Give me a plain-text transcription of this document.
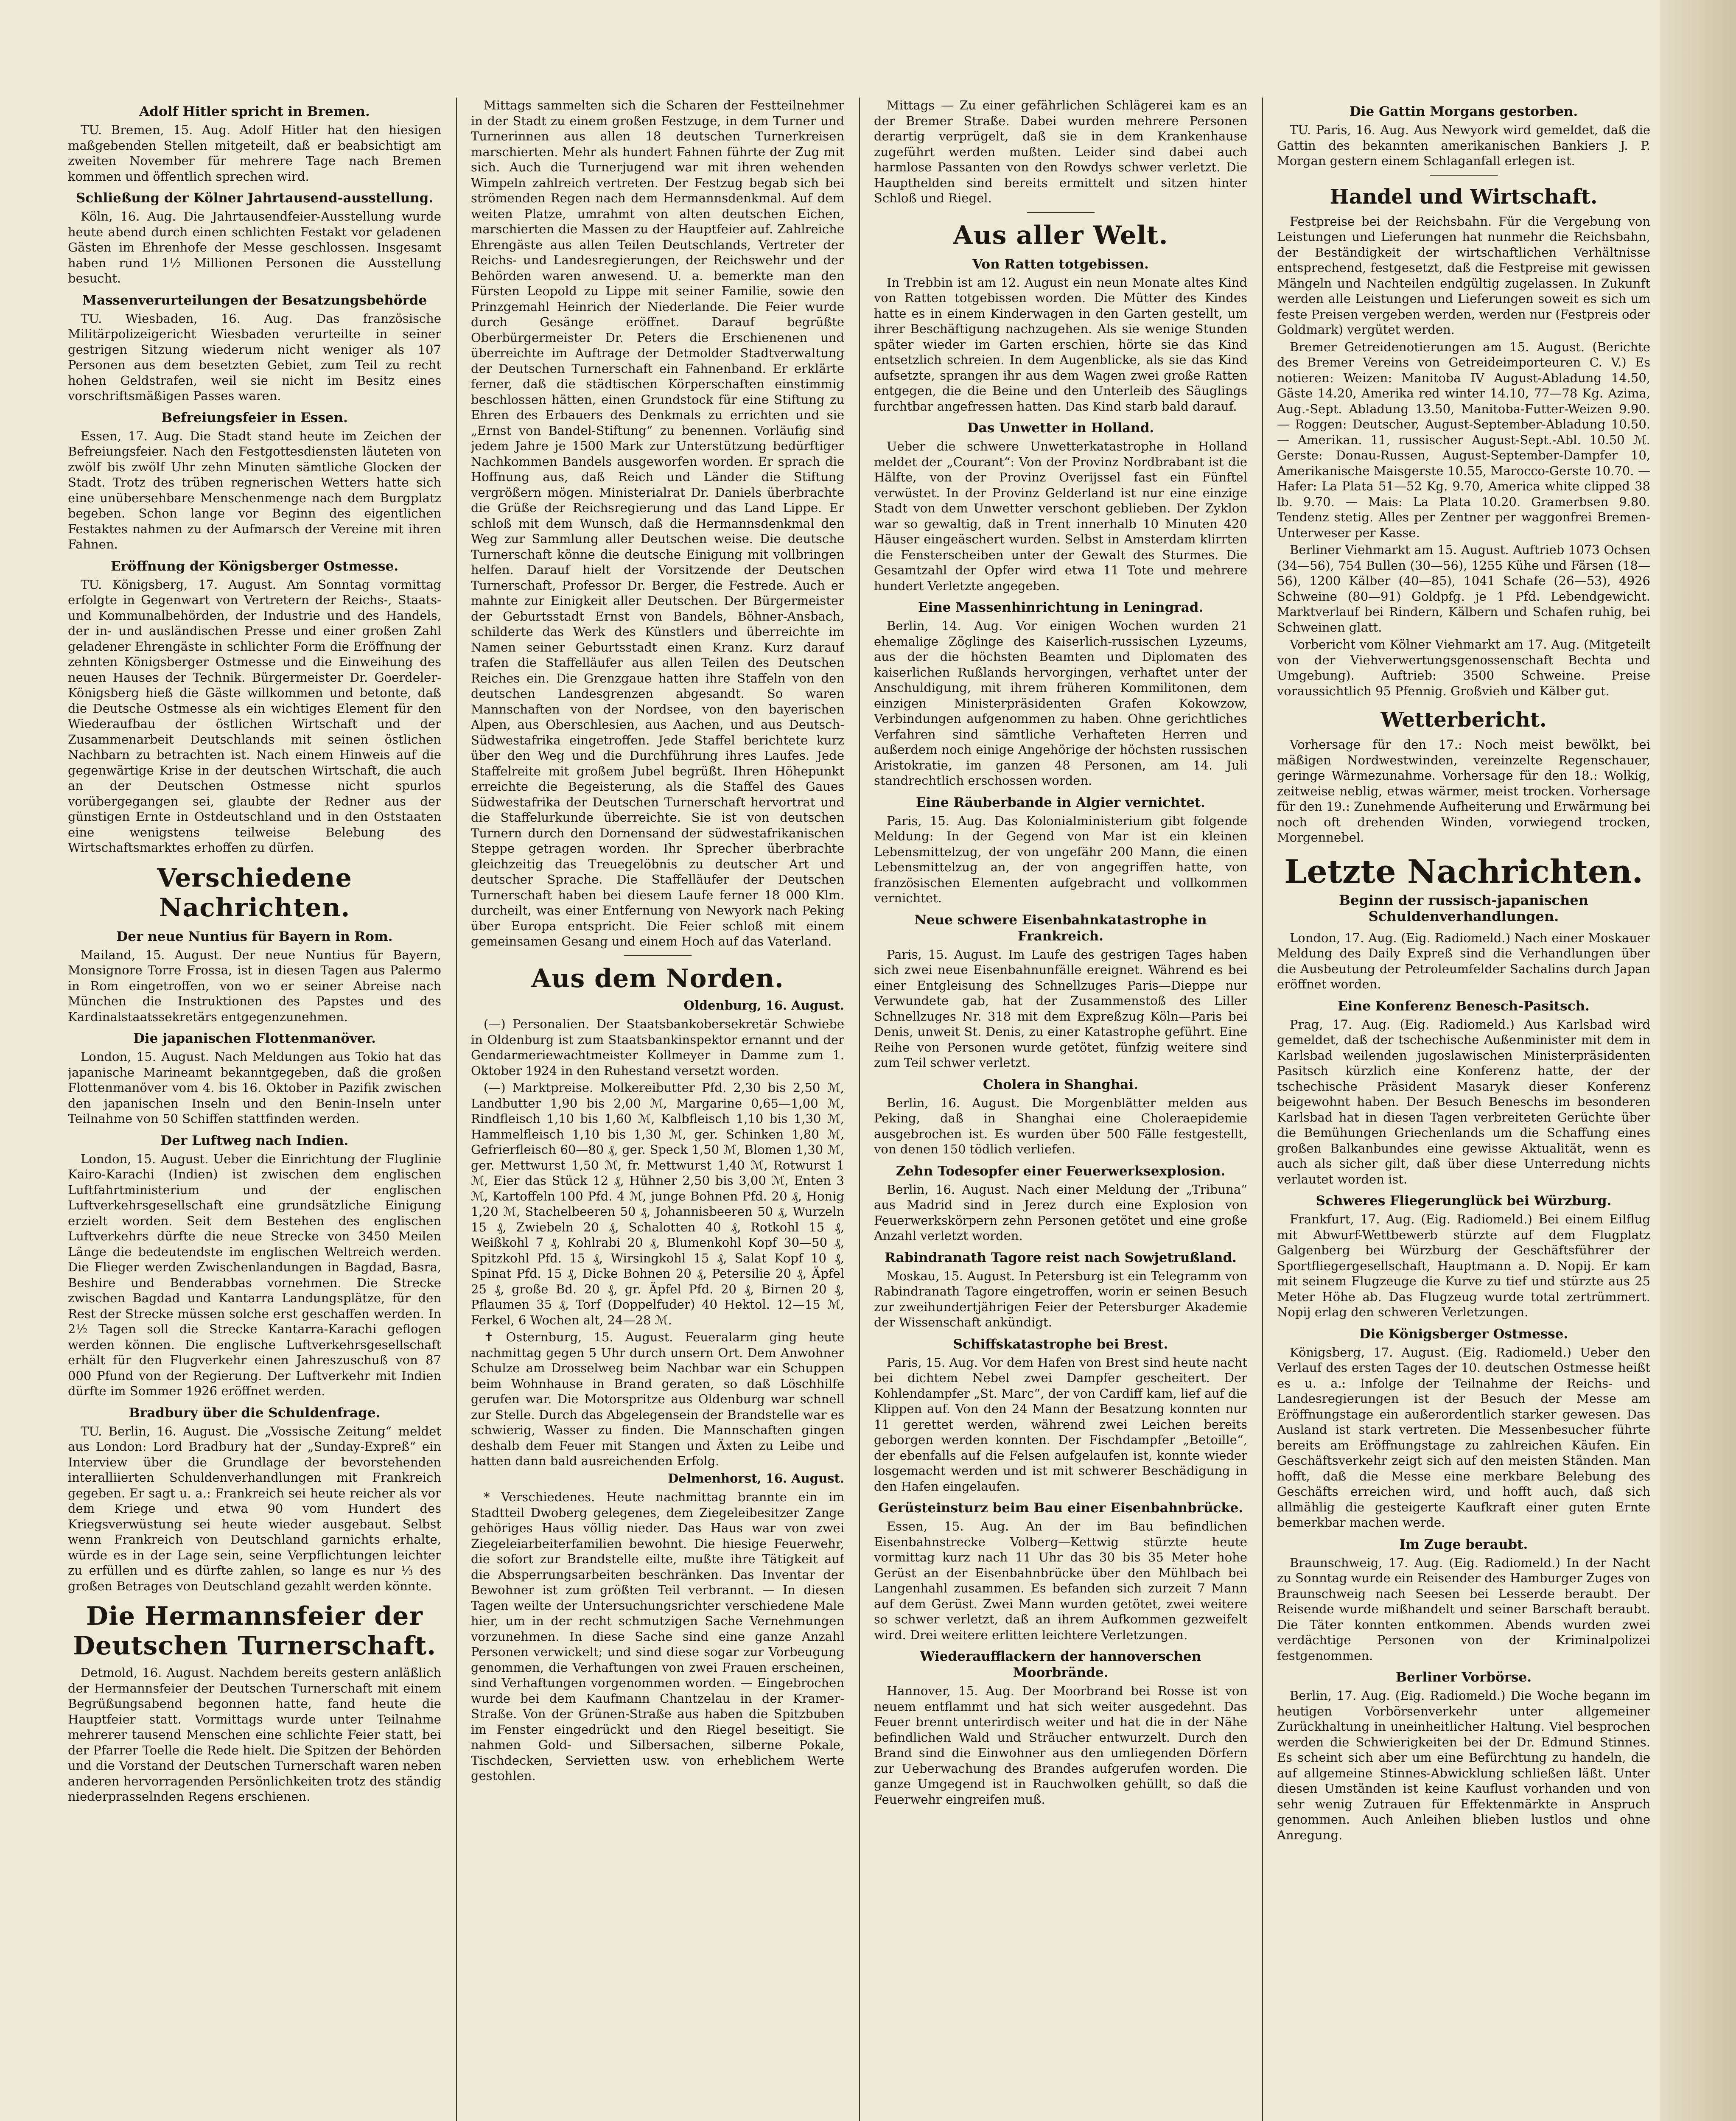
Adolf Hitler spricht in Bremen.

TU. Bremen, 15. Aug. Adolf Hitler hat den hiesigen maßgebenden Stellen mitgeteilt, daß er beabsichtigt am zweiten November für mehrere Tage nach Bremen kommen und öffentlich sprechen wird.

Schließung der Kölner Jahrtausend-ausstellung.

Köln, 16. Aug. Die Jahrtausendfeier-Ausstellung wurde heute abend durch einen schlichten Festakt vor geladenen Gästen im Ehrenhofe der Messe geschlossen. Insgesamt haben rund 1½ Millionen Personen die Ausstellung besucht.

Massenverurteilungen der Besatzungsbehörde

TU. Wiesbaden, 16. Aug. Das französische Militärpolizeigericht Wiesbaden verurteilte in seiner gestrigen Sitzung wiederum nicht weniger als 107 Personen aus dem besetzten Gebiet, zum Teil zu recht hohen Geldstrafen, weil sie nicht im Besitz eines vorschriftsmäßigen Passes waren.

Befreiungsfeier in Essen.

Essen, 17. Aug. Die Stadt stand heute im Zeichen der Befreiungsfeier. Nach den Festgottesdiensten läuteten von zwölf bis zwölf Uhr zehn Minuten sämtliche Glocken der Stadt. Trotz des trüben regnerischen Wetters hatte sich eine unübersehbare Menschenmenge nach dem Burgplatz begeben. Schon lange vor Beginn des eigentlichen Festaktes nahmen zu der Aufmarsch der Vereine mit ihren Fahnen.

Eröffnung der Königsberger Ostmesse.

TU. Königsberg, 17. August. Am Sonntag vormittag erfolgte in Gegenwart von Vertretern der Reichs-, Staats- und Kommunalbehörden, der Industrie und des Handels, der in- und ausländischen Presse und einer großen Zahl geladener Ehrengäste in schlichter Form die Eröffnung der zehnten Königsberger Ostmesse und die Einweihung des neuen Hauses der Technik. Bürgermeister Dr. Goerdeler-Königsberg hieß die Gäste willkommen und betonte, daß die Deutsche Ostmesse als ein wichtiges Element für den Wiederaufbau der östlichen Wirtschaft und der Zusammenarbeit Deutschlands mit seinen östlichen Nachbarn zu betrachten ist. Nach einem Hinweis auf die gegenwärtige Krise in der deutschen Wirtschaft, die auch an der Deutschen Ostmesse nicht spurlos vorübergegangen sei, glaubte der Redner aus der günstigen Ernte in Ostdeutschland und in den Oststaaten eine wenigstens teilweise Belebung des Wirtschaftsmarktes erhoffen zu dürfen.

Verschiedene Nachrichten.
Der neue Nuntius für Bayern in Rom.

Mailand, 15. August. Der neue Nuntius für Bayern, Monsignore Torre Frossa, ist in diesen Tagen aus Palermo in Rom eingetroffen, von wo er seiner Abreise nach München die Instruktionen des Papstes und des Kardinalstaatssekretärs entgegenzunehmen.

Die japanischen Flottenmanöver.

London, 15. August. Nach Meldungen aus Tokio hat das japanische Marineamt bekanntgegeben, daß die großen Flottenmanöver vom 4. bis 16. Oktober in Pazifik zwischen den japanischen Inseln und den Benin-Inseln unter Teilnahme von 50 Schiffen stattfinden werden.

Der Luftweg nach Indien.

London, 15. August. Ueber die Einrichtung der Fluglinie Kairo-Karachi (Indien) ist zwischen dem englischen Luftfahrtministerium und der englischen Luftverkehrsgesellschaft eine grundsätzliche Einigung erzielt worden. Seit dem Bestehen des englischen Luftverkehrs dürfte die neue Strecke von 3450 Meilen Länge die bedeutendste im englischen Weltreich werden. Die Flieger werden Zwischenlandungen in Bagdad, Basra, Beshire und Benderabbas vornehmen. Die Strecke zwischen Bagdad und Kantarra Landungsplätze, für den Rest der Strecke müssen solche erst geschaffen werden. In 2½ Tagen soll die Strecke Kantarra-Karachi geflogen werden können. Die englische Luftverkehrsgesellschaft erhält für den Flugverkehr einen Jahreszuschuß von 87 000 Pfund von der Regierung. Der Luftverkehr mit Indien dürfte im Sommer 1926 eröffnet werden.

Bradbury über die Schuldenfrage.

TU. Berlin, 16. August. Die „Vossische Zeitung“ meldet aus London: Lord Bradbury hat der „Sunday-Expreß“ ein Interview über die Grundlage der bevorstehenden interalliierten Schuldenverhandlungen mit Frankreich gegeben. Er sagt u. a.: Frankreich sei heute reicher als vor dem Kriege und etwa 90 vom Hundert des Kriegsverwüstung sei heute wieder ausgebaut. Selbst wenn Frankreich von Deutschland garnichts erhalte, würde es in der Lage sein, seine Verpflichtungen leichter zu erfüllen und es dürfte zahlen, so lange es nur ⅓ des großen Betrages von Deutschland gezahlt werden könnte.

Die Hermannsfeier der Deutschen Turnerschaft.

Detmold, 16. August. Nachdem bereits gestern anläßlich der Hermannsfeier der Deutschen Turnerschaft mit einem Begrüßungsabend begonnen hatte, fand heute die Hauptfeier statt. Vormittags wurde unter Teilnahme mehrerer tausend Menschen eine schlichte Feier statt, bei der Pfarrer Toelle die Rede hielt. Die Spitzen der Behörden und die Vorstand der Deutschen Turnerschaft waren neben anderen hervorragenden Persönlichkeiten trotz des ständig niederprasselnden Regens erschienen.

Mittags sammelten sich die Scharen der Festteilnehmer in der Stadt zu einem großen Festzuge, in dem Turner und Turnerinnen aus allen 18 deutschen Turnerkreisen marschierten. Mehr als hundert Fahnen führte der Zug mit sich. Auch die Turnerjugend war mit ihren wehenden Wimpeln zahlreich vertreten. Der Festzug begab sich bei strömenden Regen nach dem Hermannsdenkmal. Auf dem weiten Platze, umrahmt von alten deutschen Eichen, marschierten die Massen zu der Hauptfeier auf. Zahlreiche Ehrengäste aus allen Teilen Deutschlands, Vertreter der Reichs- und Landesregierungen, der Reichswehr und der Behörden waren anwesend. U. a. bemerkte man den Fürsten Leopold zu Lippe mit seiner Familie, sowie den Prinzgemahl Heinrich der Niederlande. Die Feier wurde durch Gesänge eröffnet. Darauf begrüßte Oberbürgermeister Dr. Peters die Erschienenen und überreichte im Auftrage der Detmolder Stadtverwaltung der Deutschen Turnerschaft ein Fahnenband. Er erklärte ferner, daß die städtischen Körperschaften einstimmig beschlossen hätten, einen Grundstock für eine Stiftung zu Ehren des Erbauers des Denkmals zu errichten und sie „Ernst von Bandel-Stiftung“ zu benennen. Vorläufig sind jedem Jahre je 1500 Mark zur Unterstützung bedürftiger Nachkommen Bandels ausgeworfen worden. Er sprach die Hoffnung aus, daß Reich und Länder die Stiftung vergrößern mögen. Ministerialrat Dr. Daniels überbrachte die Grüße der Reichsregierung und das Land Lippe. Er schloß mit dem Wunsch, daß die Hermannsdenkmal den Weg zur Sammlung aller Deutschen weise. Die deutsche Turnerschaft könne die deutsche Einigung mit vollbringen helfen. Darauf hielt der Vorsitzende der Deutschen Turnerschaft, Professor Dr. Berger, die Festrede. Auch er mahnte zur Einigkeit aller Deutschen. Der Bürgermeister der Geburtsstadt Ernst von Bandels, Böhner-Ansbach, schilderte das Werk des Künstlers und überreichte im Namen seiner Geburtsstadt einen Kranz. Kurz darauf trafen die Staffelläufer aus allen Teilen des Deutschen Reiches ein. Die Grenzgaue hatten ihre Staffeln von den deutschen Landesgrenzen abgesandt. So waren Mannschaften von der Nordsee, von den bayerischen Alpen, aus Oberschlesien, aus Aachen, und aus Deutsch-Südwestafrika eingetroffen. Jede Staffel berichtete kurz über den Weg und die Durchführung ihres Laufes. Jede Staffelreite mit großem Jubel begrüßt. Ihren Höhepunkt erreichte die Begeisterung, als die Staffel des Gaues Südwestafrika der Deutschen Turnerschaft hervortrat und die Staffelurkunde überreichte. Sie ist von deutschen Turnern durch den Dornensand der südwestafrikanischen Steppe getragen worden. Ihr Sprecher überbrachte gleichzeitig das Treuegelöbnis zu deutscher Art und deutscher Sprache. Die Staffelläufer der Deutschen Turnerschaft haben bei diesem Laufe ferner 18 000 Klm. durcheilt, was einer Entfernung von Newyork nach Peking über Europa entspricht. Die Feier schloß mit einem gemeinsamen Gesang und einem Hoch auf das Vaterland.

Aus dem Norden.
Oldenburg, 16. August.

(—) Personalien. Der Staatsbankobersekretär Schwiebe in Oldenburg ist zum Staatsbankinspektor ernannt und der Gendarmeriewachtmeister Kollmeyer in Damme zum 1. Oktober 1924 in den Ruhestand versetzt worden.

(—) Marktpreise. Molkereibutter Pfd. 2,30 bis 2,50 ℳ, Landbutter 1,90 bis 2,00 ℳ, Margarine 0,65—1,00 ℳ, Rindfleisch 1,10 bis 1,60 ℳ, Kalbfleisch 1,10 bis 1,30 ℳ, Hammelfleisch 1,10 bis 1,30 ℳ, ger. Schinken 1,80 ℳ, Gefrierfleisch 60—80 ₰, ger. Speck 1,50 ℳ, Blomen 1,30 ℳ, ger. Mettwurst 1,50 ℳ, fr. Mettwurst 1,40 ℳ, Rotwurst 1 ℳ, Eier das Stück 12 ₰, Hühner 2,50 bis 3,00 ℳ, Enten 3 ℳ, Kartoffeln 100 Pfd. 4 ℳ, junge Bohnen Pfd. 20 ₰, Honig 1,20 ℳ, Stachelbeeren 50 ₰, Johannisbeeren 50 ₰, Wurzeln 15 ₰, Zwiebeln 20 ₰, Schalotten 40 ₰, Rotkohl 15 ₰, Weißkohl 7 ₰, Kohlrabi 20 ₰, Blumenkohl Kopf 30—50 ₰, Spitzkohl Pfd. 15 ₰, Wirsingkohl 15 ₰, Salat Kopf 10 ₰, Spinat Pfd. 15 ₰, Dicke Bohnen 20 ₰, Petersilie 20 ₰, Äpfel 25 ₰, große Bd. 20 ₰, gr. Äpfel Pfd. 20 ₰, Birnen 20 ₰, Pflaumen 35 ₰, Torf (Doppelfuder) 40 Hektol. 12—15 ℳ, Ferkel, 6 Wochen alt, 24—28 ℳ.

✝ Osternburg, 15. August. Feueralarm ging heute nachmittag gegen 5 Uhr durch unsern Ort. Dem Anwohner Schulze am Drosselweg beim Nachbar war ein Schuppen beim Wohnhause in Brand geraten, so daß Löschhilfe gerufen war. Die Motorspritze aus Oldenburg war schnell zur Stelle. Durch das Abgelegensein der Brandstelle war es schwierig, Wasser zu finden. Die Mannschaften gingen deshalb dem Feuer mit Stangen und Äxten zu Leibe und hatten dann bald ausreichenden Erfolg.

Delmenhorst, 16. August.

* Verschiedenes. Heute nachmittag brannte ein im Stadtteil Dwoberg gelegenes, dem Ziegeleibesitzer Zange gehöriges Haus völlig nieder. Das Haus war von zwei Ziegeleiarbeiterfamilien bewohnt. Die hiesige Feuerwehr, die sofort zur Brandstelle eilte, mußte ihre Tätigkeit auf die Absperrungsarbeiten beschränken. Das Inventar der Bewohner ist zum größten Teil verbrannt. — In diesen Tagen weilte der Untersuchungsrichter verschiedene Male hier, um in der recht schmutzigen Sache Vernehmungen vorzunehmen. In diese Sache sind eine ganze Anzahl Personen verwickelt; und sind diese sogar zur Vorbeugung genommen, die Verhaftungen von zwei Frauen erscheinen, sind Verhaftungen vorgenommen worden. — Eingebrochen wurde bei dem Kaufmann Chantzelau in der Kramer-Straße. Von der Grünen-Straße aus haben die Spitzbuben im Fenster eingedrückt und den Riegel beseitigt. Sie nahmen Gold- und Silbersachen, silberne Pokale, Tischdecken, Servietten usw. von erheblichem Werte gestohlen.

Mittags — Zu einer gefährlichen Schlägerei kam es an der Bremer Straße. Dabei wurden mehrere Personen derartig verprügelt, daß sie in dem Krankenhause zugeführt werden mußten. Leider sind dabei auch harmlose Passanten von den Rowdys schwer verletzt. Die Haupthelden sind bereits ermittelt und sitzen hinter Schloß und Riegel.

Aus aller Welt.
Von Ratten totgebissen.

In Trebbin ist am 12. August ein neun Monate altes Kind von Ratten totgebissen worden. Die Mütter des Kindes hatte es in einem Kinderwagen in den Garten gestellt, um ihrer Beschäftigung nachzugehen. Als sie wenige Stunden später wieder im Garten erschien, hörte sie das Kind entsetzlich schreien. In dem Augenblicke, als sie das Kind aufsetzte, sprangen ihr aus dem Wagen zwei große Ratten entgegen, die die Beine und den Unterleib des Säuglings furchtbar angefressen hatten. Das Kind starb bald darauf.

Das Unwetter in Holland.

Ueber die schwere Unwetterkatastrophe in Holland meldet der „Courant“: Von der Provinz Nordbrabant ist die Hälfte, von der Provinz Overijssel fast ein Fünftel verwüstet. In der Provinz Gelderland ist nur eine einzige Stadt von dem Unwetter verschont geblieben. Der Zyklon war so gewaltig, daß in Trent innerhalb 10 Minuten 420 Häuser eingeäschert wurden. Selbst in Amsterdam klirrten die Fensterscheiben unter der Gewalt des Sturmes. Die Gesamtzahl der Opfer wird etwa 11 Tote und mehrere hundert Verletzte angegeben.

Eine Massenhinrichtung in Leningrad.

Berlin, 14. Aug. Vor einigen Wochen wurden 21 ehemalige Zöglinge des Kaiserlich-russischen Lyzeums, aus der die höchsten Beamten und Diplomaten des kaiserlichen Rußlands hervorgingen, verhaftet unter der Anschuldigung, mit ihrem früheren Kommilitonen, dem einzigen Ministerpräsidenten Grafen Kokowzow, Verbindungen aufgenommen zu haben. Ohne gerichtliches Verfahren sind sämtliche Verhafteten Herren und außerdem noch einige Angehörige der höchsten russischen Aristokratie, im ganzen 48 Personen, am 14. Juli standrechtlich erschossen worden.

Eine Räuberbande in Algier vernichtet.

Paris, 15. Aug. Das Kolonialministerium gibt folgende Meldung: In der Gegend von Mar ist ein kleinen Lebensmittelzug, der von ungefähr 200 Mann, die einen Lebensmittelzug an, der von angegriffen hatte, von französischen Elementen aufgebracht und vollkommen vernichtet.

Neue schwere Eisenbahnkatastrophe in Frankreich.

Paris, 15. August. Im Laufe des gestrigen Tages haben sich zwei neue Eisenbahnunfälle ereignet. Während es bei einer Entgleisung des Schnellzuges Paris—Dieppe nur Verwundete gab, hat der Zusammenstoß des Liller Schnellzuges Nr. 318 mit dem Expreßzug Köln—Paris bei Denis, unweit St. Denis, zu einer Katastrophe geführt. Eine Reihe von Personen wurde getötet, fünfzig weitere sind zum Teil schwer verletzt.

Cholera in Shanghai.

Berlin, 16. August. Die Morgenblätter melden aus Peking, daß in Shanghai eine Choleraepidemie ausgebrochen ist. Es wurden über 500 Fälle festgestellt, von denen 150 tödlich verliefen.

Zehn Todesopfer einer Feuerwerksexplosion.

Berlin, 16. August. Nach einer Meldung der „Tribuna“ aus Madrid sind in Jerez durch eine Explosion von Feuerwerkskörpern zehn Personen getötet und eine große Anzahl verletzt worden.

Rabindranath Tagore reist nach Sowjetrußland.

Moskau, 15. August. In Petersburg ist ein Telegramm von Rabindranath Tagore eingetroffen, worin er seinen Besuch zur zweihundertjährigen Feier der Petersburger Akademie der Wissenschaft ankündigt.

Schiffskatastrophe bei Brest.

Paris, 15. Aug. Vor dem Hafen von Brest sind heute nacht bei dichtem Nebel zwei Dampfer gescheitert. Der Kohlendampfer „St. Marc“, der von Cardiff kam, lief auf die Klippen auf. Von den 24 Mann der Besatzung konnten nur 11 gerettet werden, während zwei Leichen bereits geborgen werden konnten. Der Fischdampfer „Betoille“, der ebenfalls auf die Felsen aufgelaufen ist, konnte wieder losgemacht werden und ist mit schwerer Beschädigung in den Hafen eingelaufen.

Gerüsteinsturz beim Bau einer Eisenbahnbrücke.

Essen, 15. Aug. An der im Bau befindlichen Eisenbahnstrecke Volberg—Kettwig stürzte heute vormittag kurz nach 11 Uhr das 30 bis 35 Meter hohe Gerüst an der Eisenbahnbrücke über den Mühlbach bei Langenhahl zusammen. Es befanden sich zurzeit 7 Mann auf dem Gerüst. Zwei Mann wurden getötet, zwei weitere so schwer verletzt, daß an ihrem Aufkommen gezweifelt wird. Drei weitere erlitten leichtere Verletzungen.

Wiederaufflackern der hannoverschen Moorbrände.

Hannover, 15. Aug. Der Moorbrand bei Rosse ist von neuem entflammt und hat sich weiter ausgedehnt. Das Feuer brennt unterirdisch weiter und hat die in der Nähe befindlichen Wald und Sträucher entwurzelt. Durch den Brand sind die Einwohner aus den umliegenden Dörfern zur Ueberwachung des Brandes aufgerufen worden. Die ganze Umgegend ist in Rauchwolken gehüllt, so daß die Feuerwehr eingreifen muß.

Die Gattin Morgans gestorben.

TU. Paris, 16. Aug. Aus Newyork wird gemeldet, daß die Gattin des bekannten amerikanischen Bankiers J. P. Morgan gestern einem Schlaganfall erlegen ist.

Handel und Wirtschaft.

Festpreise bei der Reichsbahn. Für die Vergebung von Leistungen und Lieferungen hat nunmehr die Reichsbahn, der Beständigkeit der wirtschaftlichen Verhältnisse entsprechend, festgesetzt, daß die Festpreise mit gewissen Mängeln und Nachteilen endgültig zugelassen. In Zukunft werden alle Leistungen und Lieferungen soweit es sich um feste Preisen vergeben werden, werden nur (Festpreis oder Goldmark) vergütet werden.

Bremer Getreidenotierungen am 15. August. (Berichte des Bremer Vereins von Getreideimporteuren C. V.) Es notieren: Weizen: Manitoba IV August-Abladung 14.50, Gäste 14.20, Amerika red winter 14.10, 77—78 Kg. Azima, Aug.-Sept. Abladung 13.50, Manitoba-Futter-Weizen 9.90. — Roggen: Deutscher, August-September-Abladung 10.50. — Amerikan. 11, russischer August-Sept.-Abl. 10.50 ℳ. Gerste: Donau-Russen, August-September-Dampfer 10, Amerikanische Maisgerste 10.55, Marocco-Gerste 10.70. — Hafer: La Plata 51—52 Kg. 9.70, America white clipped 38 lb. 9.70. — Mais: La Plata 10.20. Gramerbsen 9.80. Tendenz stetig. Alles per Zentner per waggonfrei Bremen-Unterweser per Kasse.

Berliner Viehmarkt am 15. August. Auftrieb 1073 Ochsen (34—56), 754 Bullen (30—56), 1255 Kühe und Färsen (18—56), 1200 Kälber (40—85), 1041 Schafe (26—53), 4926 Schweine (80—91) Goldpfg. je 1 Pfd. Lebendgewicht. Marktverlauf bei Rindern, Kälbern und Schafen ruhig, bei Schweinen glatt.

Vorbericht vom Kölner Viehmarkt am 17. Aug. (Mitgeteilt von der Viehverwertungsgenossenschaft Bechta und Umgebung). Auftrieb: 3500 Schweine. Preise voraussichtlich 95 Pfennig. Großvieh und Kälber gut.

Wetterbericht.

Vorhersage für den 17.: Noch meist bewölkt, bei mäßigen Nordwestwinden, vereinzelte Regenschauer, geringe Wärmezunahme. Vorhersage für den 18.: Wolkig, zeitweise neblig, etwas wärmer, meist trocken. Vorhersage für den 19.: Zunehmende Aufheiterung und Erwärmung bei noch oft drehenden Winden, vorwiegend trocken, Morgennebel.

Letzte Nachrichten.
Beginn der russisch-japanischen Schuldenverhandlungen.

London, 17. Aug. (Eig. Radiomeld.) Nach einer Moskauer Meldung des Daily Expreß sind die Verhandlungen über die Ausbeutung der Petroleumfelder Sachalins durch Japan eröffnet worden.

Eine Konferenz Benesch-Pasitsch.

Prag, 17. Aug. (Eig. Radiomeld.) Aus Karlsbad wird gemeldet, daß der tschechische Außenminister mit dem in Karlsbad weilenden jugoslawischen Ministerpräsidenten Pasitsch kürzlich eine Konferenz hatte, der der tschechische Präsident Masaryk dieser Konferenz beigewohnt haben. Der Besuch Beneschs im besonderen Karlsbad hat in diesen Tagen verbreiteten Gerüchte über die Bemühungen Griechenlands um die Schaffung eines großen Balkanbundes eine gewisse Aktualität, wenn es auch als sicher gilt, daß über diese Unterredung nichts verlautet worden ist.

Schweres Fliegerunglück bei Würzburg.

Frankfurt, 17. Aug. (Eig. Radiomeld.) Bei einem Eilflug mit Abwurf-Wettbewerb stürzte auf dem Flugplatz Galgenberg bei Würzburg der Geschäftsführer der Sportfliegergesellschaft, Hauptmann a. D. Nopij. Er kam mit seinem Flugzeuge die Kurve zu tief und stürzte aus 25 Meter Höhe ab. Das Flugzeug wurde total zertrümmert. Nopij erlag den schweren Verletzungen.

Die Königsberger Ostmesse.

Königsberg, 17. August. (Eig. Radiomeld.) Ueber den Verlauf des ersten Tages der 10. deutschen Ostmesse heißt es u. a.: Infolge der Teilnahme der Reichs- und Landesregierungen ist der Besuch der Messe am Eröffnungstage ein außerordentlich starker gewesen. Das Ausland ist stark vertreten. Die Messenbesucher führte bereits am Eröffnungstage zu zahlreichen Käufen. Ein Geschäftsverkehr zeigt sich auf den meisten Ständen. Man hofft, daß die Messe eine merkbare Belebung des Geschäfts erreichen wird, und hofft auch, daß sich allmählig die gesteigerte Kaufkraft einer guten Ernte bemerkbar machen werde.

Im Zuge beraubt.

Braunschweig, 17. Aug. (Eig. Radiomeld.) In der Nacht zu Sonntag wurde ein Reisender des Hamburger Zuges von Braunschweig nach Seesen bei Lesserde beraubt. Der Reisende wurde mißhandelt und seiner Barschaft beraubt. Die Täter konnten entkommen. Abends wurden zwei verdächtige Personen von der Kriminalpolizei festgenommen.

Berliner Vorbörse.

Berlin, 17. Aug. (Eig. Radiomeld.) Die Woche begann im heutigen Vorbörsenverkehr unter allgemeiner Zurückhaltung in uneinheitlicher Haltung. Viel besprochen werden die Schwierigkeiten bei der Dr. Edmund Stinnes. Es scheint sich aber um eine Befürchtung zu handeln, die auf allgemeine Stinnes-Abwicklung schließen läßt. Unter diesen Umständen ist keine Kauflust vorhanden und von sehr wenig Zutrauen für Effektenmärkte in Anspruch genommen. Auch Anleihen blieben lustlos und ohne Anregung.
